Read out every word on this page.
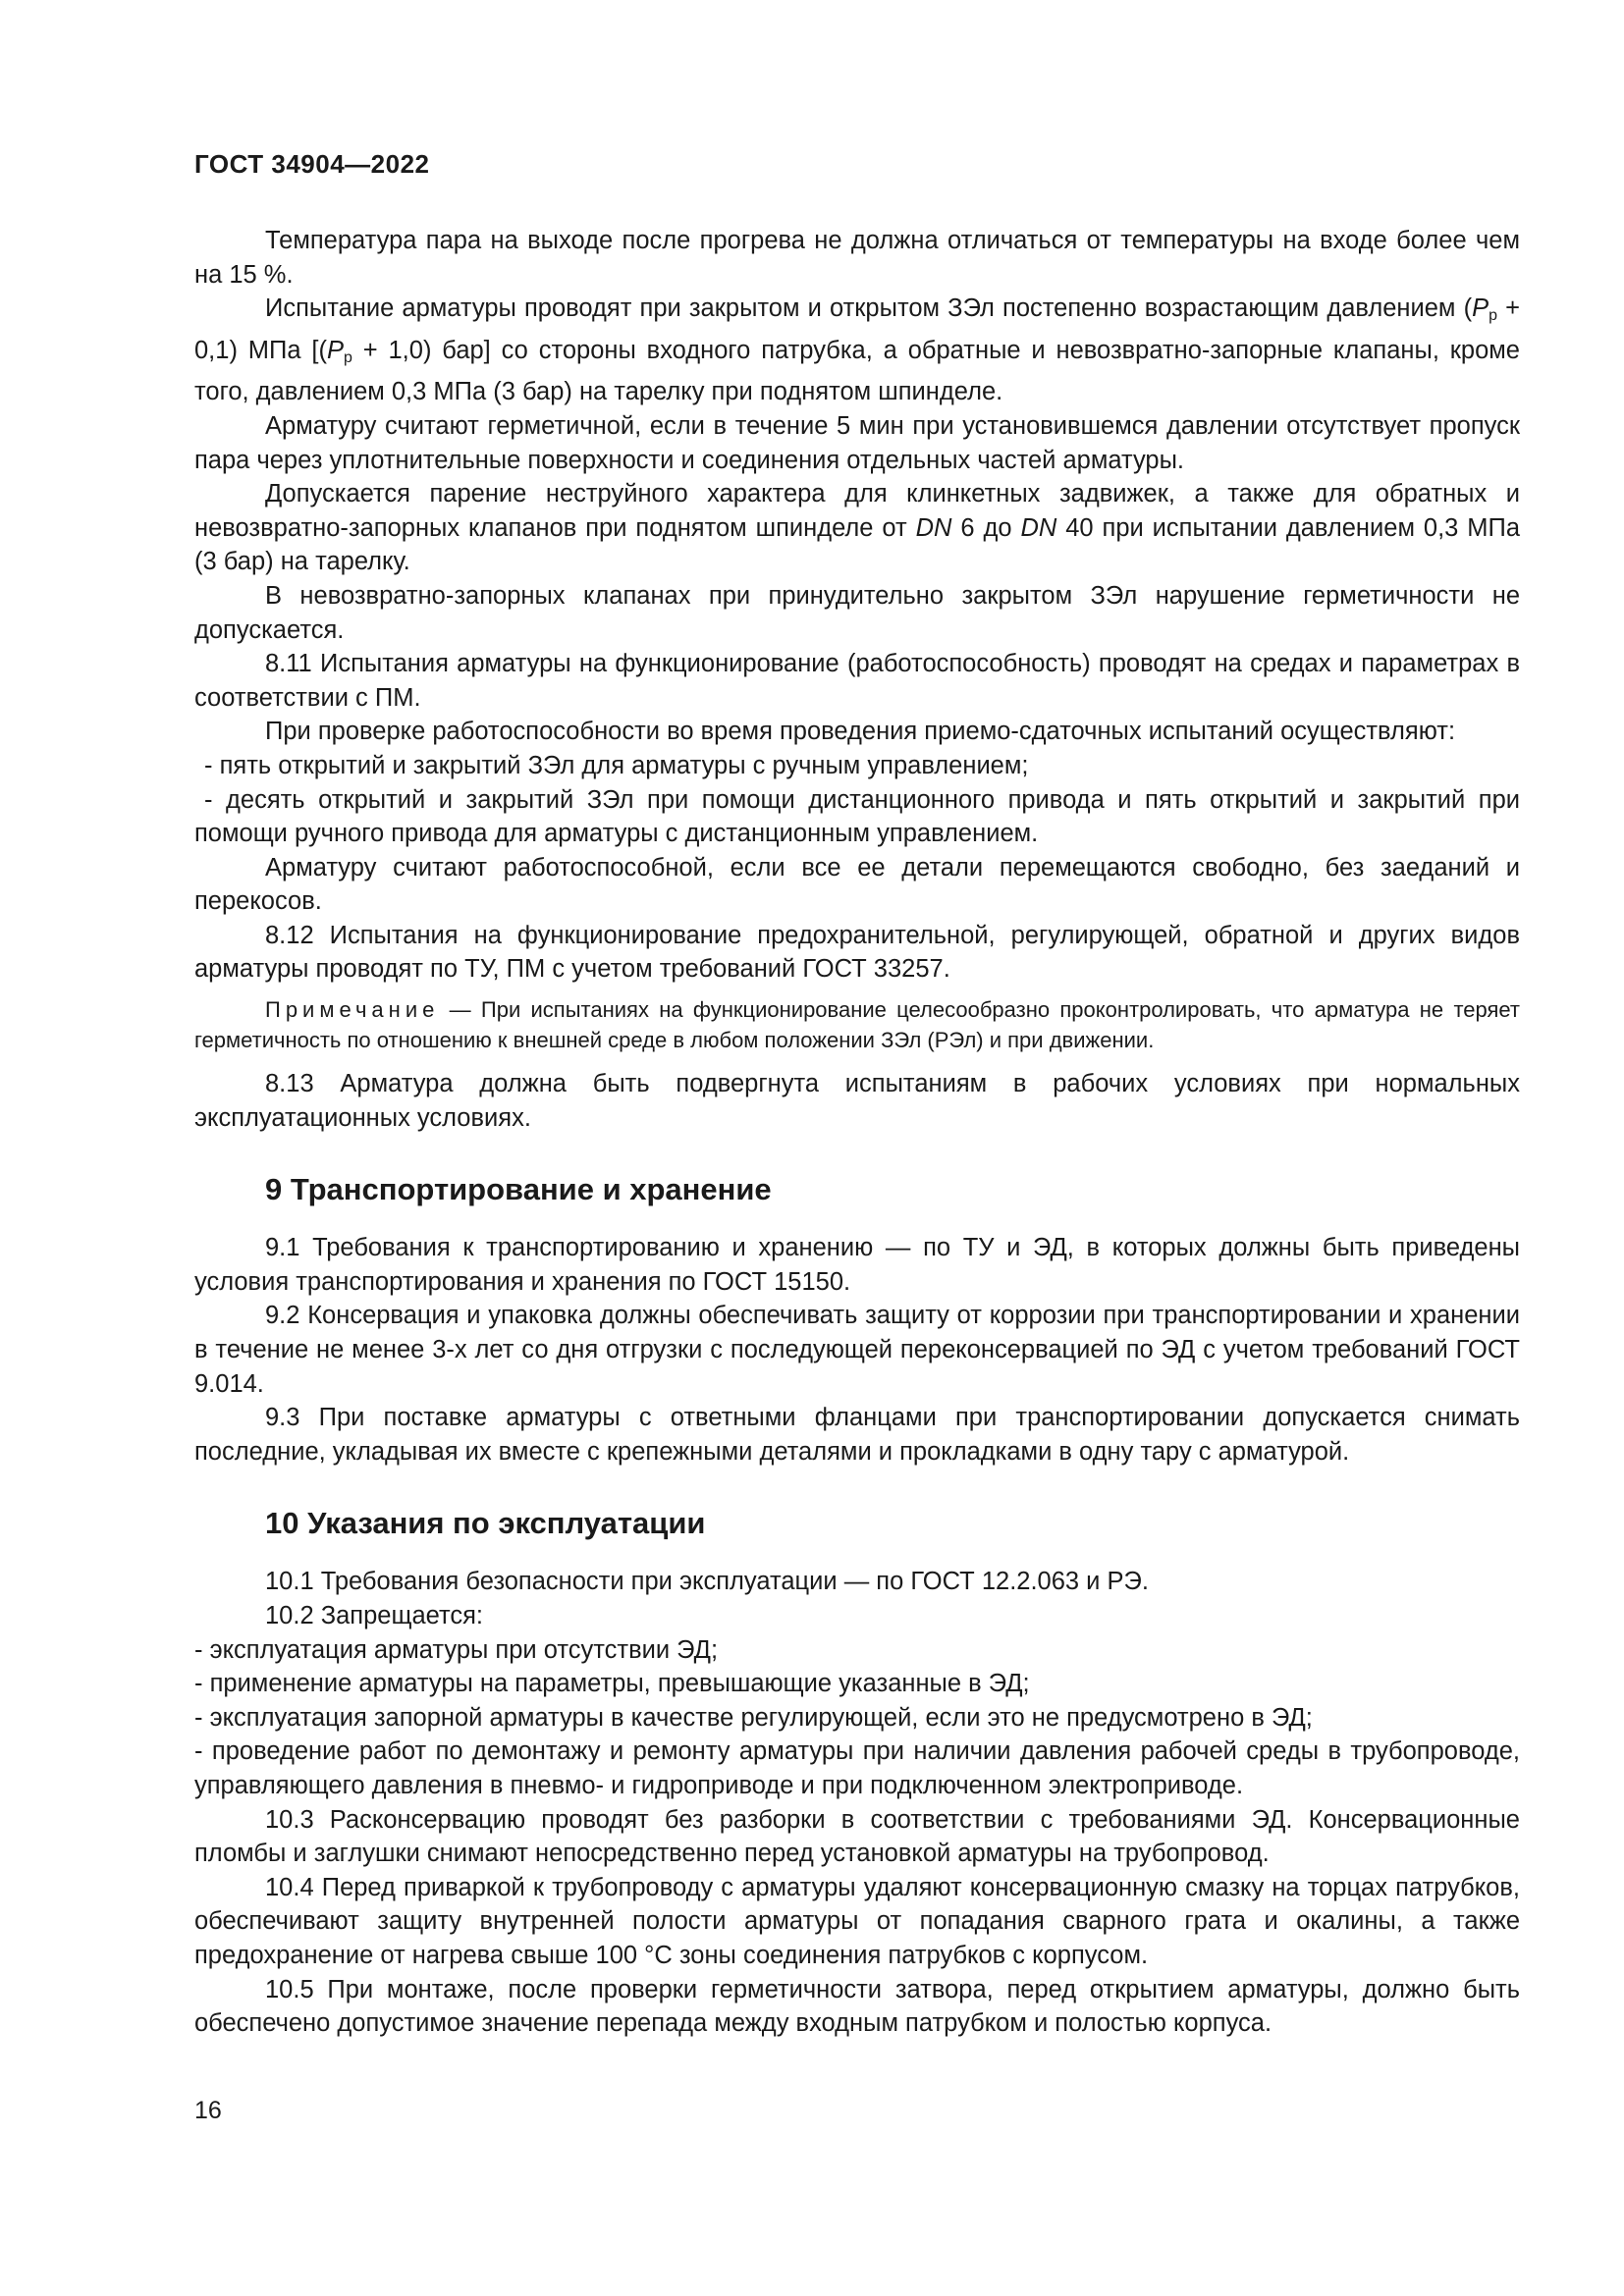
ГОСТ 34904—2022

Температура пара на выходе после прогрева не должна отличаться от температуры на входе более чем на 15 %.

Испытание арматуры проводят при закрытом и открытом ЗЭл постепенно возрастающим давлением $(P_р + 0,1)$ МПа [$(P_р + 1,0)$ бар] со стороны входного патрубка, а обратные и невозвратно-запорные клапаны, кроме того, давлением 0,3 МПа (3 бар) на тарелку при поднятом шпинделе.

Арматуру считают герметичной, если в течение 5 мин при установившемся давлении отсутствует пропуск пара через уплотнительные поверхности и соединения отдельных частей арматуры.

Допускается парение неструйного характера для клинкетных задвижек, а также для обратных и невозвратно-запорных клапанов при поднятом шпинделе от DN 6 до DN 40 при испытании давлением 0,3 МПа (3 бар) на тарелку.

В невозвратно-запорных клапанах при принудительно закрытом ЗЭл нарушение герметичности не допускается.

8.11 Испытания арматуры на функционирование (работоспособность) проводят на средах и параметрах в соответствии с ПМ.

При проверке работоспособности во время проведения приемо-сдаточных испытаний осуществляют:

- пять открытий и закрытий ЗЭл для арматуры с ручным управлением;

- десять открытий и закрытий ЗЭл при помощи дистанционного привода и пять открытий и закрытий при помощи ручного привода для арматуры с дистанционным управлением.

Арматуру считают работоспособной, если все ее детали перемещаются свободно, без заеданий и перекосов.

8.12 Испытания на функционирование предохранительной, регулирующей, обратной и других видов арматуры проводят по ТУ, ПМ с учетом требований ГОСТ 33257.

Примечание — При испытаниях на функционирование целесообразно проконтролировать, что арматура не теряет герметичность по отношению к внешней среде в любом положении ЗЭл (РЭл) и при движении.

8.13 Арматура должна быть подвергнута испытаниям в рабочих условиях при нормальных эксплуатационных условиях.

9 Транспортирование и хранение

9.1 Требования к транспортированию и хранению — по ТУ и ЭД, в которых должны быть приведены условия транспортирования и хранения по ГОСТ 15150.

9.2 Консервация и упаковка должны обеспечивать защиту от коррозии при транспортировании и хранении в течение не менее 3-х лет со дня отгрузки с последующей переконсервацией по ЭД с учетом требований ГОСТ 9.014.

9.3 При поставке арматуры с ответными фланцами при транспортировании допускается снимать последние, укладывая их вместе с крепежными деталями и прокладками в одну тару с арматурой.

10 Указания по эксплуатации

10.1 Требования безопасности при эксплуатации — по ГОСТ 12.2.063 и РЭ.

10.2 Запрещается:

- эксплуатация арматуры при отсутствии ЭД;

- применение арматуры на параметры, превышающие указанные в ЭД;

- эксплуатация запорной арматуры в качестве регулирующей, если это не предусмотрено в ЭД;

- проведение работ по демонтажу и ремонту арматуры при наличии давления рабочей среды в трубопроводе, управляющего давления в пневмо- и гидроприводе и при подключенном электроприводе.

10.3 Расконсервацию проводят без разборки в соответствии с требованиями ЭД. Консервационные пломбы и заглушки снимают непосредственно перед установкой арматуры на трубопровод.

10.4 Перед приваркой к трубопроводу с арматуры удаляют консервационную смазку на торцах патрубков, обеспечивают защиту внутренней полости арматуры от попадания сварного грата и окалины, а также предохранение от нагрева свыше 100 °С зоны соединения патрубков с корпусом.

10.5 При монтаже, после проверки герметичности затвора, перед открытием арматуры, должно быть обеспечено допустимое значение перепада между входным патрубком и полостью корпуса.

16
